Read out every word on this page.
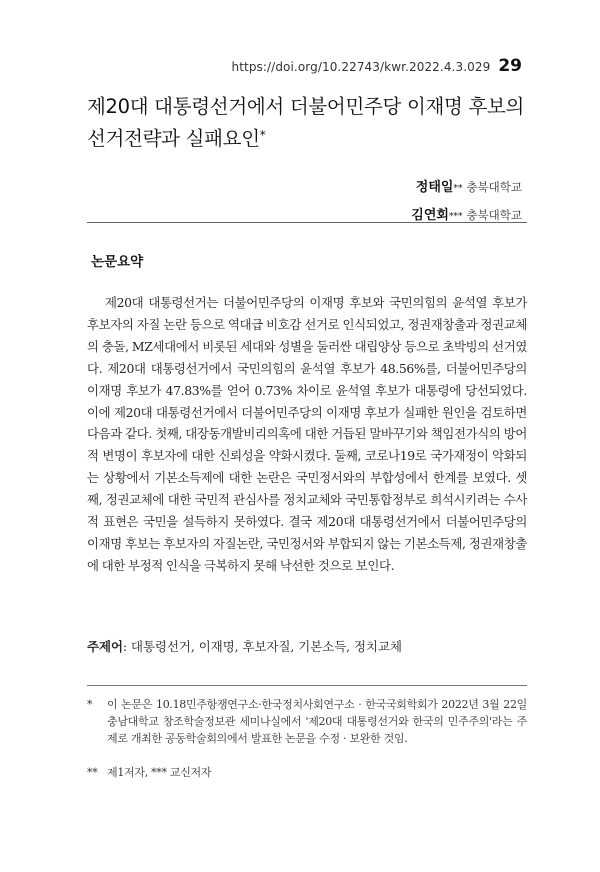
https://doi.org/10.22743/kwr.2022.4.3.029 29
제20대 대통령선거에서 더불어민주당 이재명 후보의 선거전략과 실패요인*
정태일** 충북대학교
김연회*** 충북대학교
논문요약

제20대 대통령선거는 더불어민주당의 이재명 후보와 국민의힘의 윤석열 후보가 후보자의 자질 논란 등으로 역대급 비호감 선거로 인식되었고, 정권재창출과 정권교체의 충돌, MZ세대에서 비롯된 세대와 성별을 둘러싼 대립양상 등으로 초박빙의 선거였다. 제20대 대통령선거에서 국민의힘의 윤석열 후보가 48.56%를, 더불어민주당의 이재명 후보가 47.83%를 얻어 0.73% 차이로 윤석열 후보가 대통령에 당선되었다. 이에 제20대 대통령선거에서 더불어민주당의 이재명 후보가 실패한 원인을 검토하면 다음과 같다. 첫째, 대장동개발비리의혹에 대한 거듭된 말바꾸기와 책임전가식의 방어적 변명이 후보자에 대한 신뢰성을 약화시켰다. 둘째, 코로나19로 국가재정이 악화되는 상황에서 기본소득제에 대한 논란은 국민정서와의 부합성에서 한계를 보였다. 셋째, 정권교체에 대한 국민적 관심사를 정치교체와 국민통합정부로 희석시키려는 수사적 표현은 국민을 설득하지 못하였다. 결국 제20대 대통령선거에서 더불어민주당의 이재명 후보는 후보자의 자질논란, 국민정서와 부합되지 않는 기본소득제, 정권재창출에 대한 부정적 인식을 극복하지 못해 낙선한 것으로 보인다.

주제어: 대통령선거, 이재명, 후보자질, 기본소득, 정치교체
*	이 논문은 10.18민주항쟁연구소·한국정치사회연구소 · 한국국회학회가 2022년 3월 22일 충남대학교 창조학술정보관 세미나실에서 '제20대 대통령선거와 한국의 민주주의'라는 주제로 개최한 공동학술회의에서 발표한 논문을 수정 · 보완한 것임.
** 제1저자, *** 교신저자
